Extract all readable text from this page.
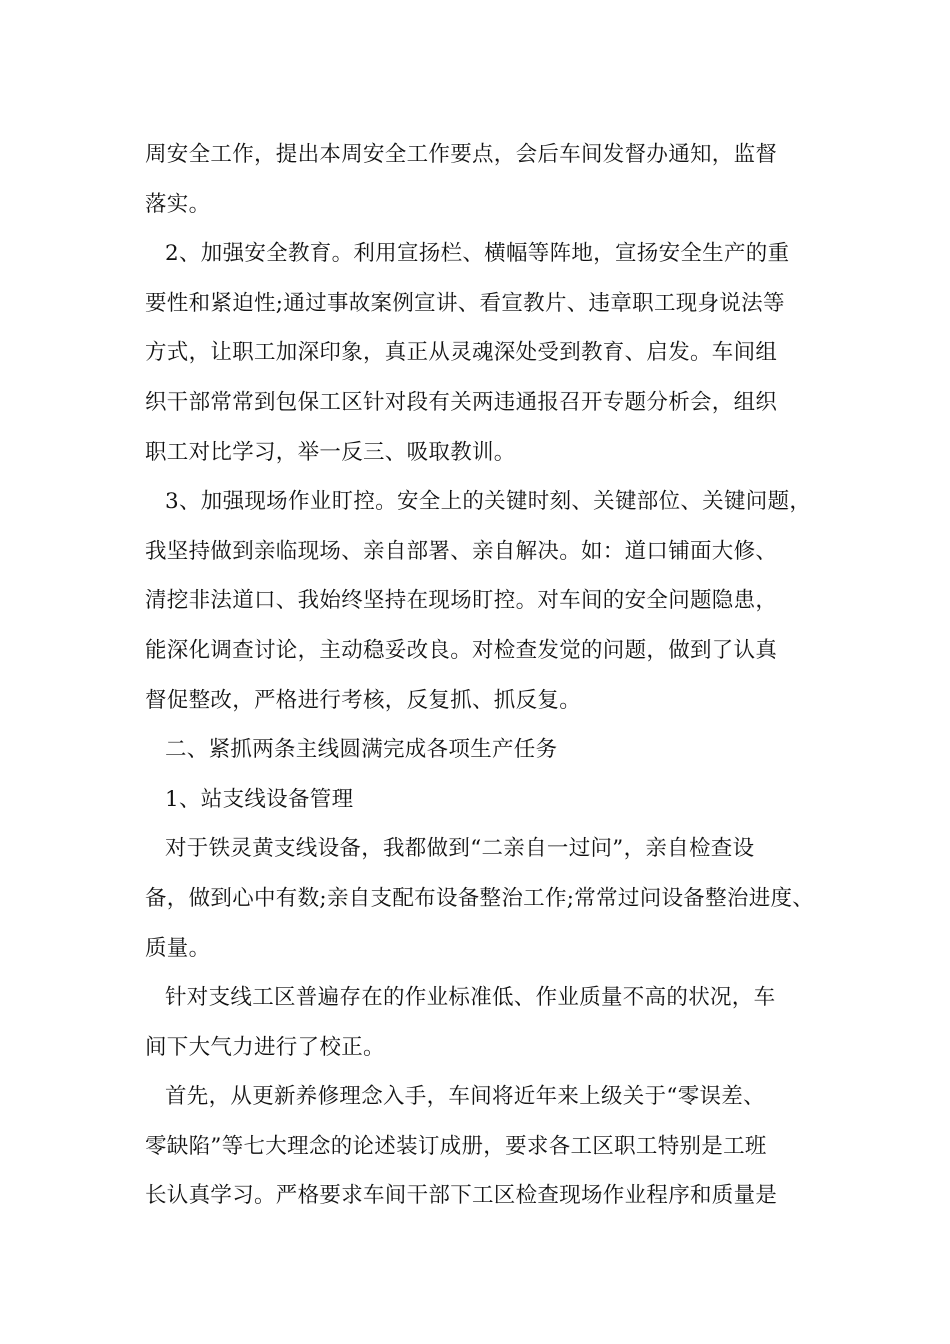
周安全工作，提出本周安全工作要点，会后车间发督办通知，监督
落实。
2、加强安全教育。利用宣扬栏、横幅等阵地，宣扬安全生产的重
要性和紧迫性;通过事故案例宣讲、看宣教片、违章职工现身说法等
方式，让职工加深印象，真正从灵魂深处受到教育、启发。车间组
织干部常常到包保工区针对段有关两违通报召开专题分析会，组织
职工对比学习，举一反三、吸取教训。
3、加强现场作业盯控。安全上的关键时刻、关键部位、关键问题，
我坚持做到亲临现场、亲自部署、亲自解决。如：道口铺面大修、
清挖非法道口、我始终坚持在现场盯控。对车间的安全问题隐患，
能深化调查讨论，主动稳妥改良。对检查发觉的问题，做到了认真
督促整改，严格进行考核，反复抓、抓反复。
二、紧抓两条主线圆满完成各项生产任务
1、站支线设备管理
对于铁灵黄支线设备，我都做到“二亲自一过问”，亲自检查设
备，做到心中有数;亲自支配布设备整治工作;常常过问设备整治进度、
质量。
针对支线工区普遍存在的作业标准低、作业质量不高的状况，车
间下大气力进行了校正。
首先，从更新养修理念入手，车间将近年来上级关于“零误差、
零缺陷”等七大理念的论述装订成册，要求各工区职工特别是工班
长认真学习。严格要求车间干部下工区检查现场作业程序和质量是
